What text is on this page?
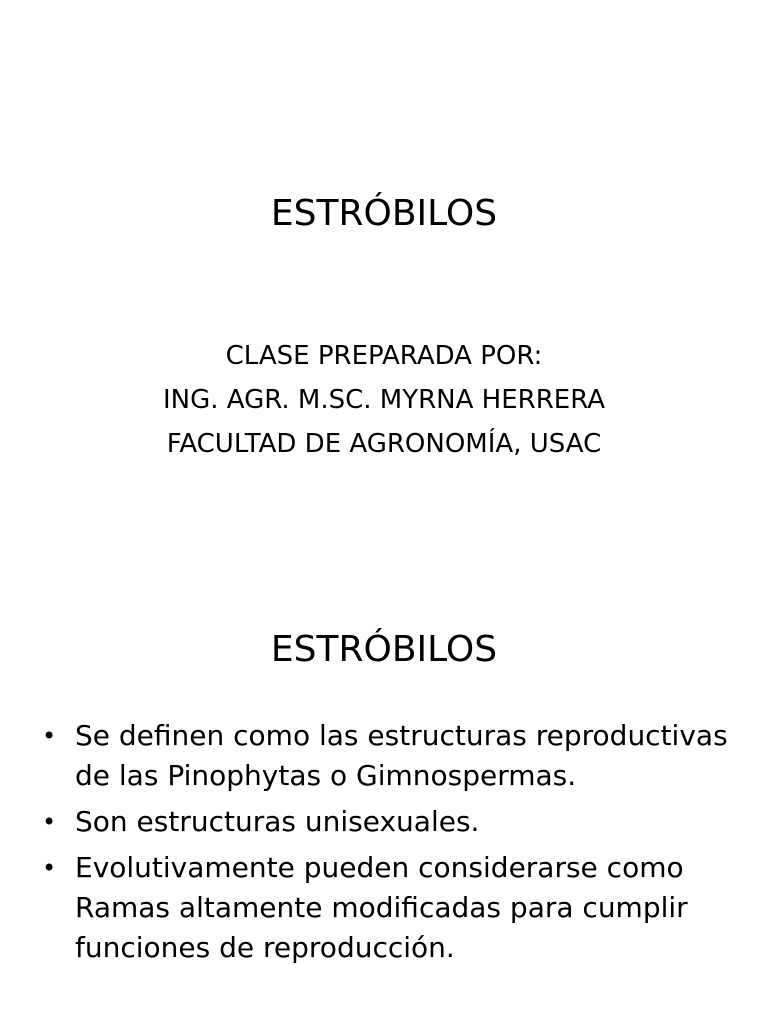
ESTRÓBILOS
CLASE PREPARADA POR:
ING. AGR. M.SC. MYRNA HERRERA
FACULTAD DE AGRONOMÍA, USAC
ESTRÓBILOS
• Se definen como las estructuras reproductivas de las Pinophytas o Gimnospermas.
• Son estructuras unisexuales.
• Evolutivamente pueden considerarse como Ramas altamente modificadas para cumplir funciones de reproducción.
